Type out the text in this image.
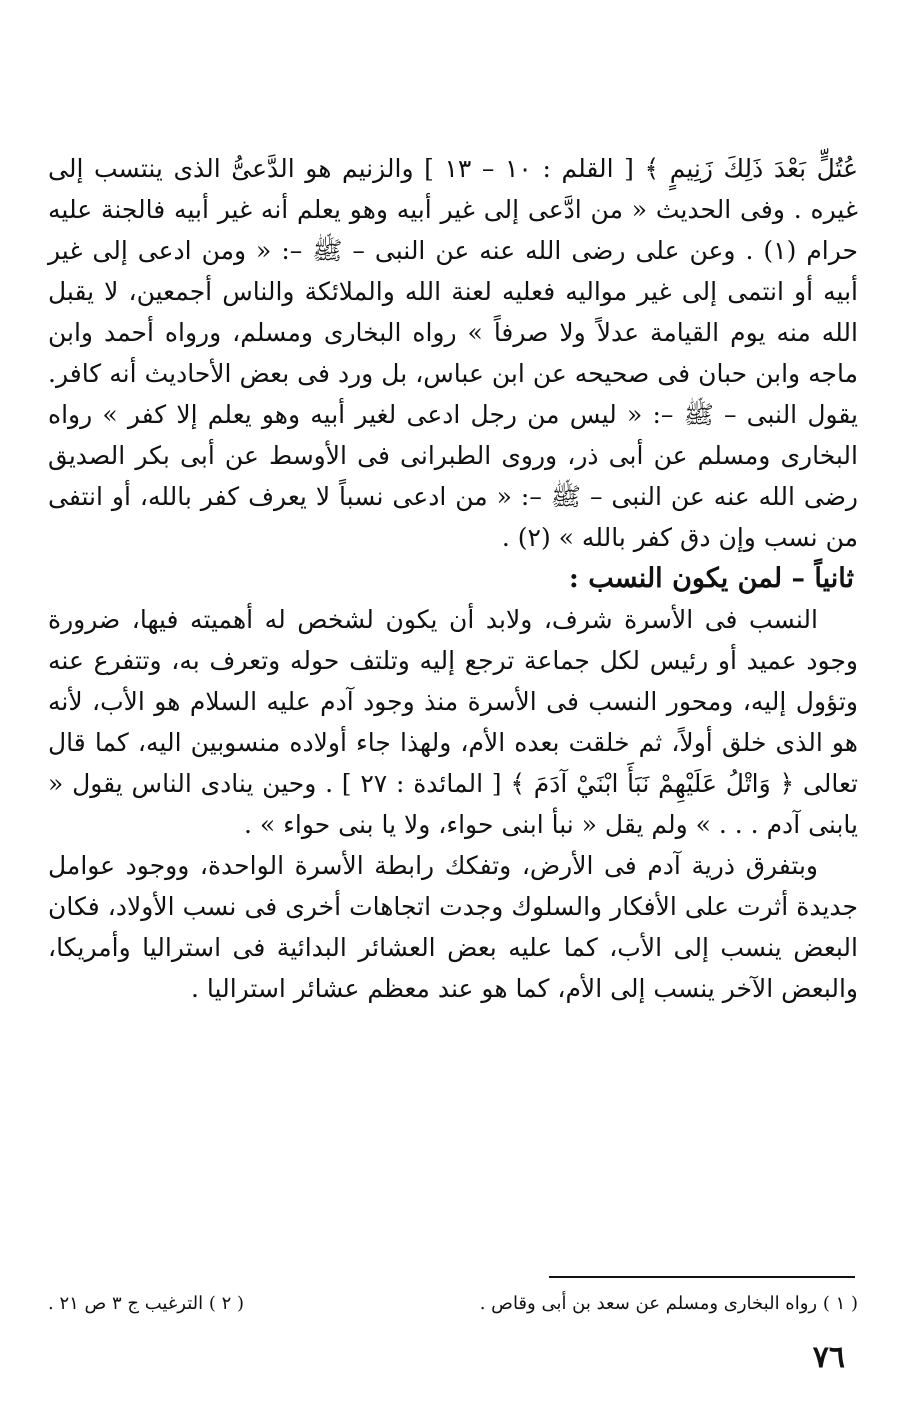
عُتُلٍّ بَعْدَ ذَلِكَ زَنِيمٍ ﴾ [ القلم : ١٠ – ١٣ ] والزنيم هو الدَّعىُّ الذى ينتسب إلى غيره . وفى الحديث « من ادَّعى إلى غير أبيه وهو يعلم أنه غير أبيه فالجنة عليه حرام (١) . وعن على رضى الله عنه عن النبى – ﷺ –: « ومن ادعى إلى غير أبيه أو انتمى إلى غير مواليه فعليه لعنة الله والملائكة والناس أجمعين، لا يقبل الله منه يوم القيامة عدلاً ولا صرفاً » رواه البخارى ومسلم، ورواه أحمد وابن ماجه وابن حبان فى صحيحه عن ابن عباس، بل ورد فى بعض الأحاديث أنه كافر. يقول النبى – ﷺ –: « ليس من رجل ادعى لغير أبيه وهو يعلم إلا كفر » رواه البخارى ومسلم عن أبى ذر، وروى الطبرانى فى الأوسط عن أبى بكر الصديق رضى الله عنه عن النبى – ﷺ –: « من ادعى نسباً لا يعرف كفر بالله، أو انتفى من نسب وإن دق كفر بالله » (٢) .

ثانياً – لمن يكون النسب :

النسب فى الأسرة شرف، ولابد أن يكون لشخص له أهميته فيها، ضرورة وجود عميد أو رئيس لكل جماعة ترجع إليه وتلتف حوله وتعرف به، وتتفرع عنه وتؤول إليه، ومحور النسب فى الأسرة منذ وجود آدم عليه السلام هو الأب، لأنه هو الذى خلق أولاً، ثم خلقت بعده الأم، ولهذا جاء أولاده منسوبين اليه، كما قال تعالى ﴿ وَاتْلُ عَلَيْهِمْ نَبَأَ ابْنَيْ آدَمَ ﴾ [ المائدة : ٢٧ ] . وحين ينادى الناس يقول « يابنى آدم . . . » ولم يقل « نبأ ابنى حواء، ولا يا بنى حواء » .

وبتفرق ذرية آدم فى الأرض، وتفكك رابطة الأسرة الواحدة، ووجود عوامل جديدة أثرت على الأفكار والسلوك وجدت اتجاهات أخرى فى نسب الأولاد، فكان البعض ينسب إلى الأب، كما عليه بعض العشائر البدائية فى استراليا وأمريكا، والبعض الآخر ينسب إلى الأم، كما هو عند معظم عشائر استراليا .

( ١ ) رواه البخارى ومسلم عن سعد بن أبى وقاص .
( ٢ ) الترغيب ج ٣ ص ٢١ .
٧٦
